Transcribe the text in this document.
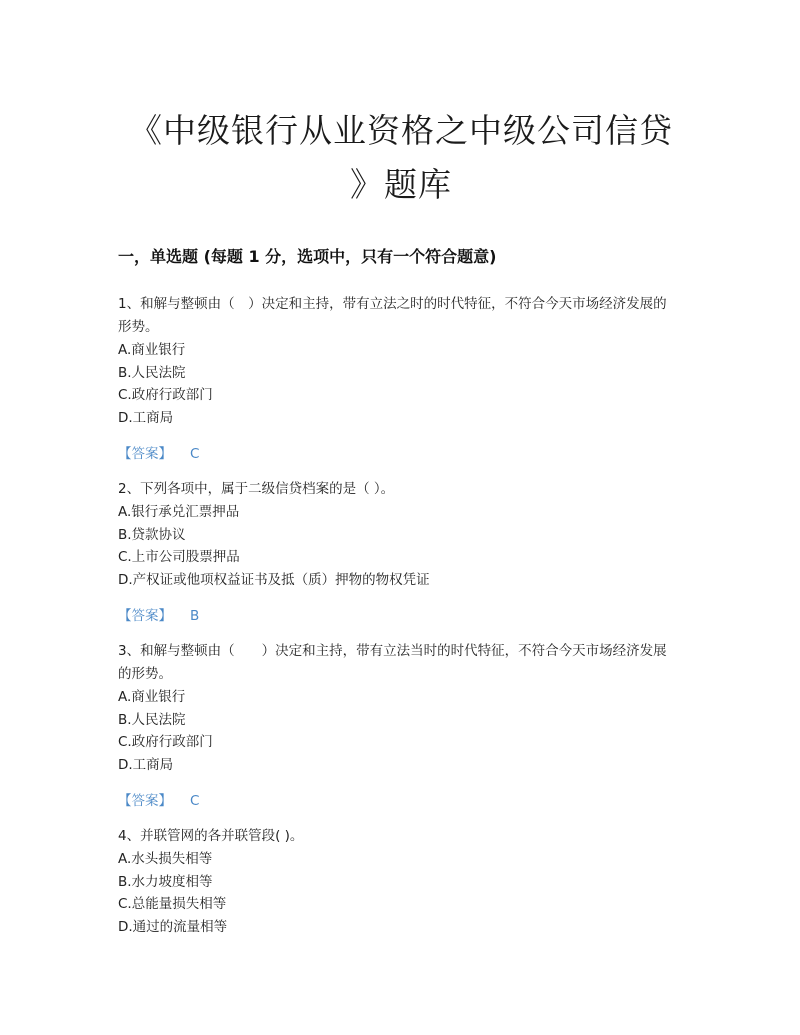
《中级银行从业资格之中级公司信贷
》题库
一，单选题 (每题 1 分，选项中，只有一个符合题意)

1、和解与整顿由（　）决定和主持，带有立法之时的时代特征，不符合今天市场经济发展的形势。

A.商业银行

B.人民法院

C.政府行政部门

D.工商局

【答案】 C

2、下列各项中，属于二级信贷档案的是（ ）。

A.银行承兑汇票押品

B.贷款协议

C.上市公司股票押品

D.产权证或他项权益证书及抵（质）押物的物权凭证

【答案】 B

3、和解与整顿由（　　）决定和主持，带有立法当时的时代特征，不符合今天市场经济发展的形势。

A.商业银行

B.人民法院

C.政府行政部门

D.工商局

【答案】 C

4、并联管网的各并联管段( )。

A.水头损失相等

B.水力坡度相等

C.总能量损失相等

D.通过的流量相等
